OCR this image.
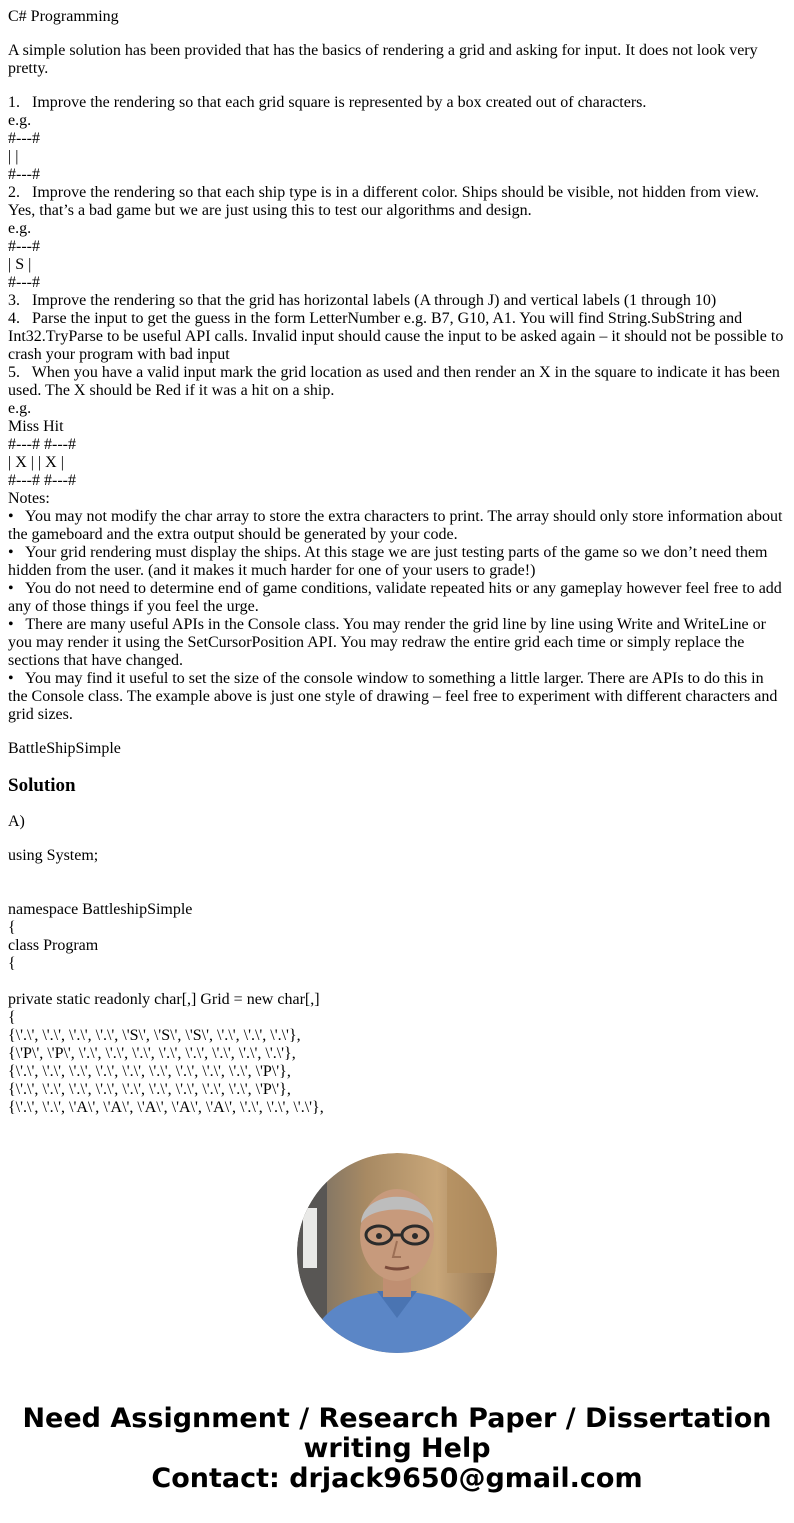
C# Programming

A simple solution has been provided that has the basics of rendering a grid and asking for input. It does not look very pretty.

1.   Improve the rendering so that each grid square is represented by a box created out of characters.

e.g.

#---#

| |

#---#

2.   Improve the rendering so that each ship type is in a different color. Ships should be visible, not hidden from view. Yes, that’s a bad game but we are just using this to test our algorithms and design.

e.g.

#---#

| S |

#---#

3.   Improve the rendering so that the grid has horizontal labels (A through J) and vertical labels (1 through 10)

4.   Parse the input to get the guess in the form LetterNumber e.g. B7, G10, A1. You will find String.SubString and Int32.TryParse to be useful API calls. Invalid input should cause the input to be asked again – it should not be possible to crash your program with bad input

5.   When you have a valid input mark the grid location as used and then render an X in the square to indicate it has been used. The X should be Red if it was a hit on a ship.

e.g.

Miss Hit

#---# #---#

| X | | X |

#---# #---#

Notes:

•   You may not modify the char array to store the extra characters to print. The array should only store information about the gameboard and the extra output should be generated by your code.

•   Your grid rendering must display the ships. At this stage we are just testing parts of the game so we don’t need them hidden from the user. (and it makes it much harder for one of your users to grade!)

•   You do not need to determine end of game conditions, validate repeated hits or any gameplay however feel free to add any of those things if you feel the urge.

•   There are many useful APIs in the Console class. You may render the grid line by line using Write and WriteLine or you may render it using the SetCursorPosition API. You may redraw the entire grid each time or simply replace the sections that have changed.

•   You may find it useful to set the size of the console window to something a little larger. There are APIs to do this in the Console class. The example above is just one style of drawing – feel free to experiment with different characters and grid sizes.

BattleShipSimple

Solution

A)

using System;

namespace BattleshipSimple

{

class Program

{

private static readonly char[,] Grid = new char[,]

{

{\'.\', \'.\', \'.\', \'.\', \'S\', \'S\', \'S\', \'.\', \'.\', \'.\'},

{\'P\', \'P\', \'.\', \'.\', \'.\', \'.\', \'.\', \'.\', \'.\', \'.\'},

{\'.\', \'.\', \'.\', \'.\', \'.\', \'.\', \'.\', \'.\', \'.\', \'P\'},

{\'.\', \'.\', \'.\', \'.\', \'.\', \'.\', \'.\', \'.\', \'.\', \'P\'},

{\'.\', \'.\', \'A\', \'A\', \'A\', \'A\', \'A\', \'.\', \'.\', \'.\'},

Need Assignment / Research Paper / Dissertation
writing Help
Contact: drjack9650@gmail.com
